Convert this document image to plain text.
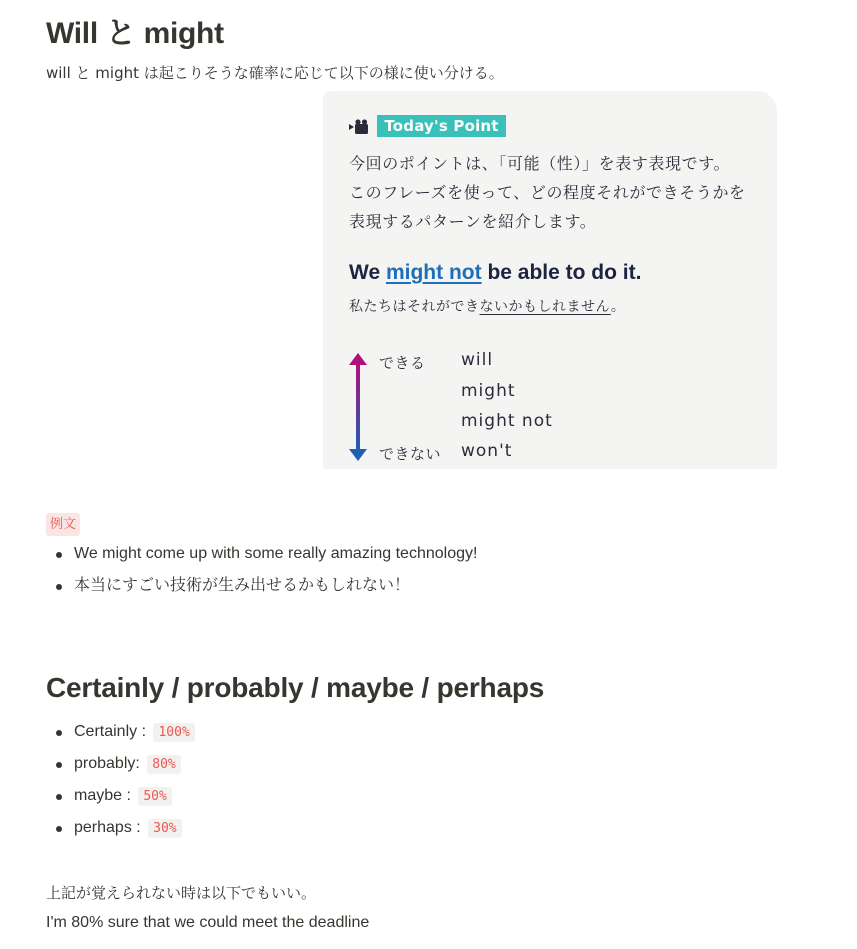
Will と might

will と might は起こりそうな確率に応じて以下の様に使い分ける。

Today's Point
今回のポイントは、「可能（性）」を表す表現です。
このフレーズを使って、どの程度それができそうかを
表現するパターンを紹介します。
We might not be able to do it.
私たちはそれができないかもしれません。
できる
できない
will
might
might not
won't
例文
We might come up with some really amazing technology!
本当にすごい技術が生み出せるかもしれない！
Certainly / probably / maybe / perhaps
Certainly : 100%
probably: 80%
maybe : 50%
perhaps : 30%

上記が覚えられない時は以下でもいい。

I'm 80% sure that we could meet the deadline
